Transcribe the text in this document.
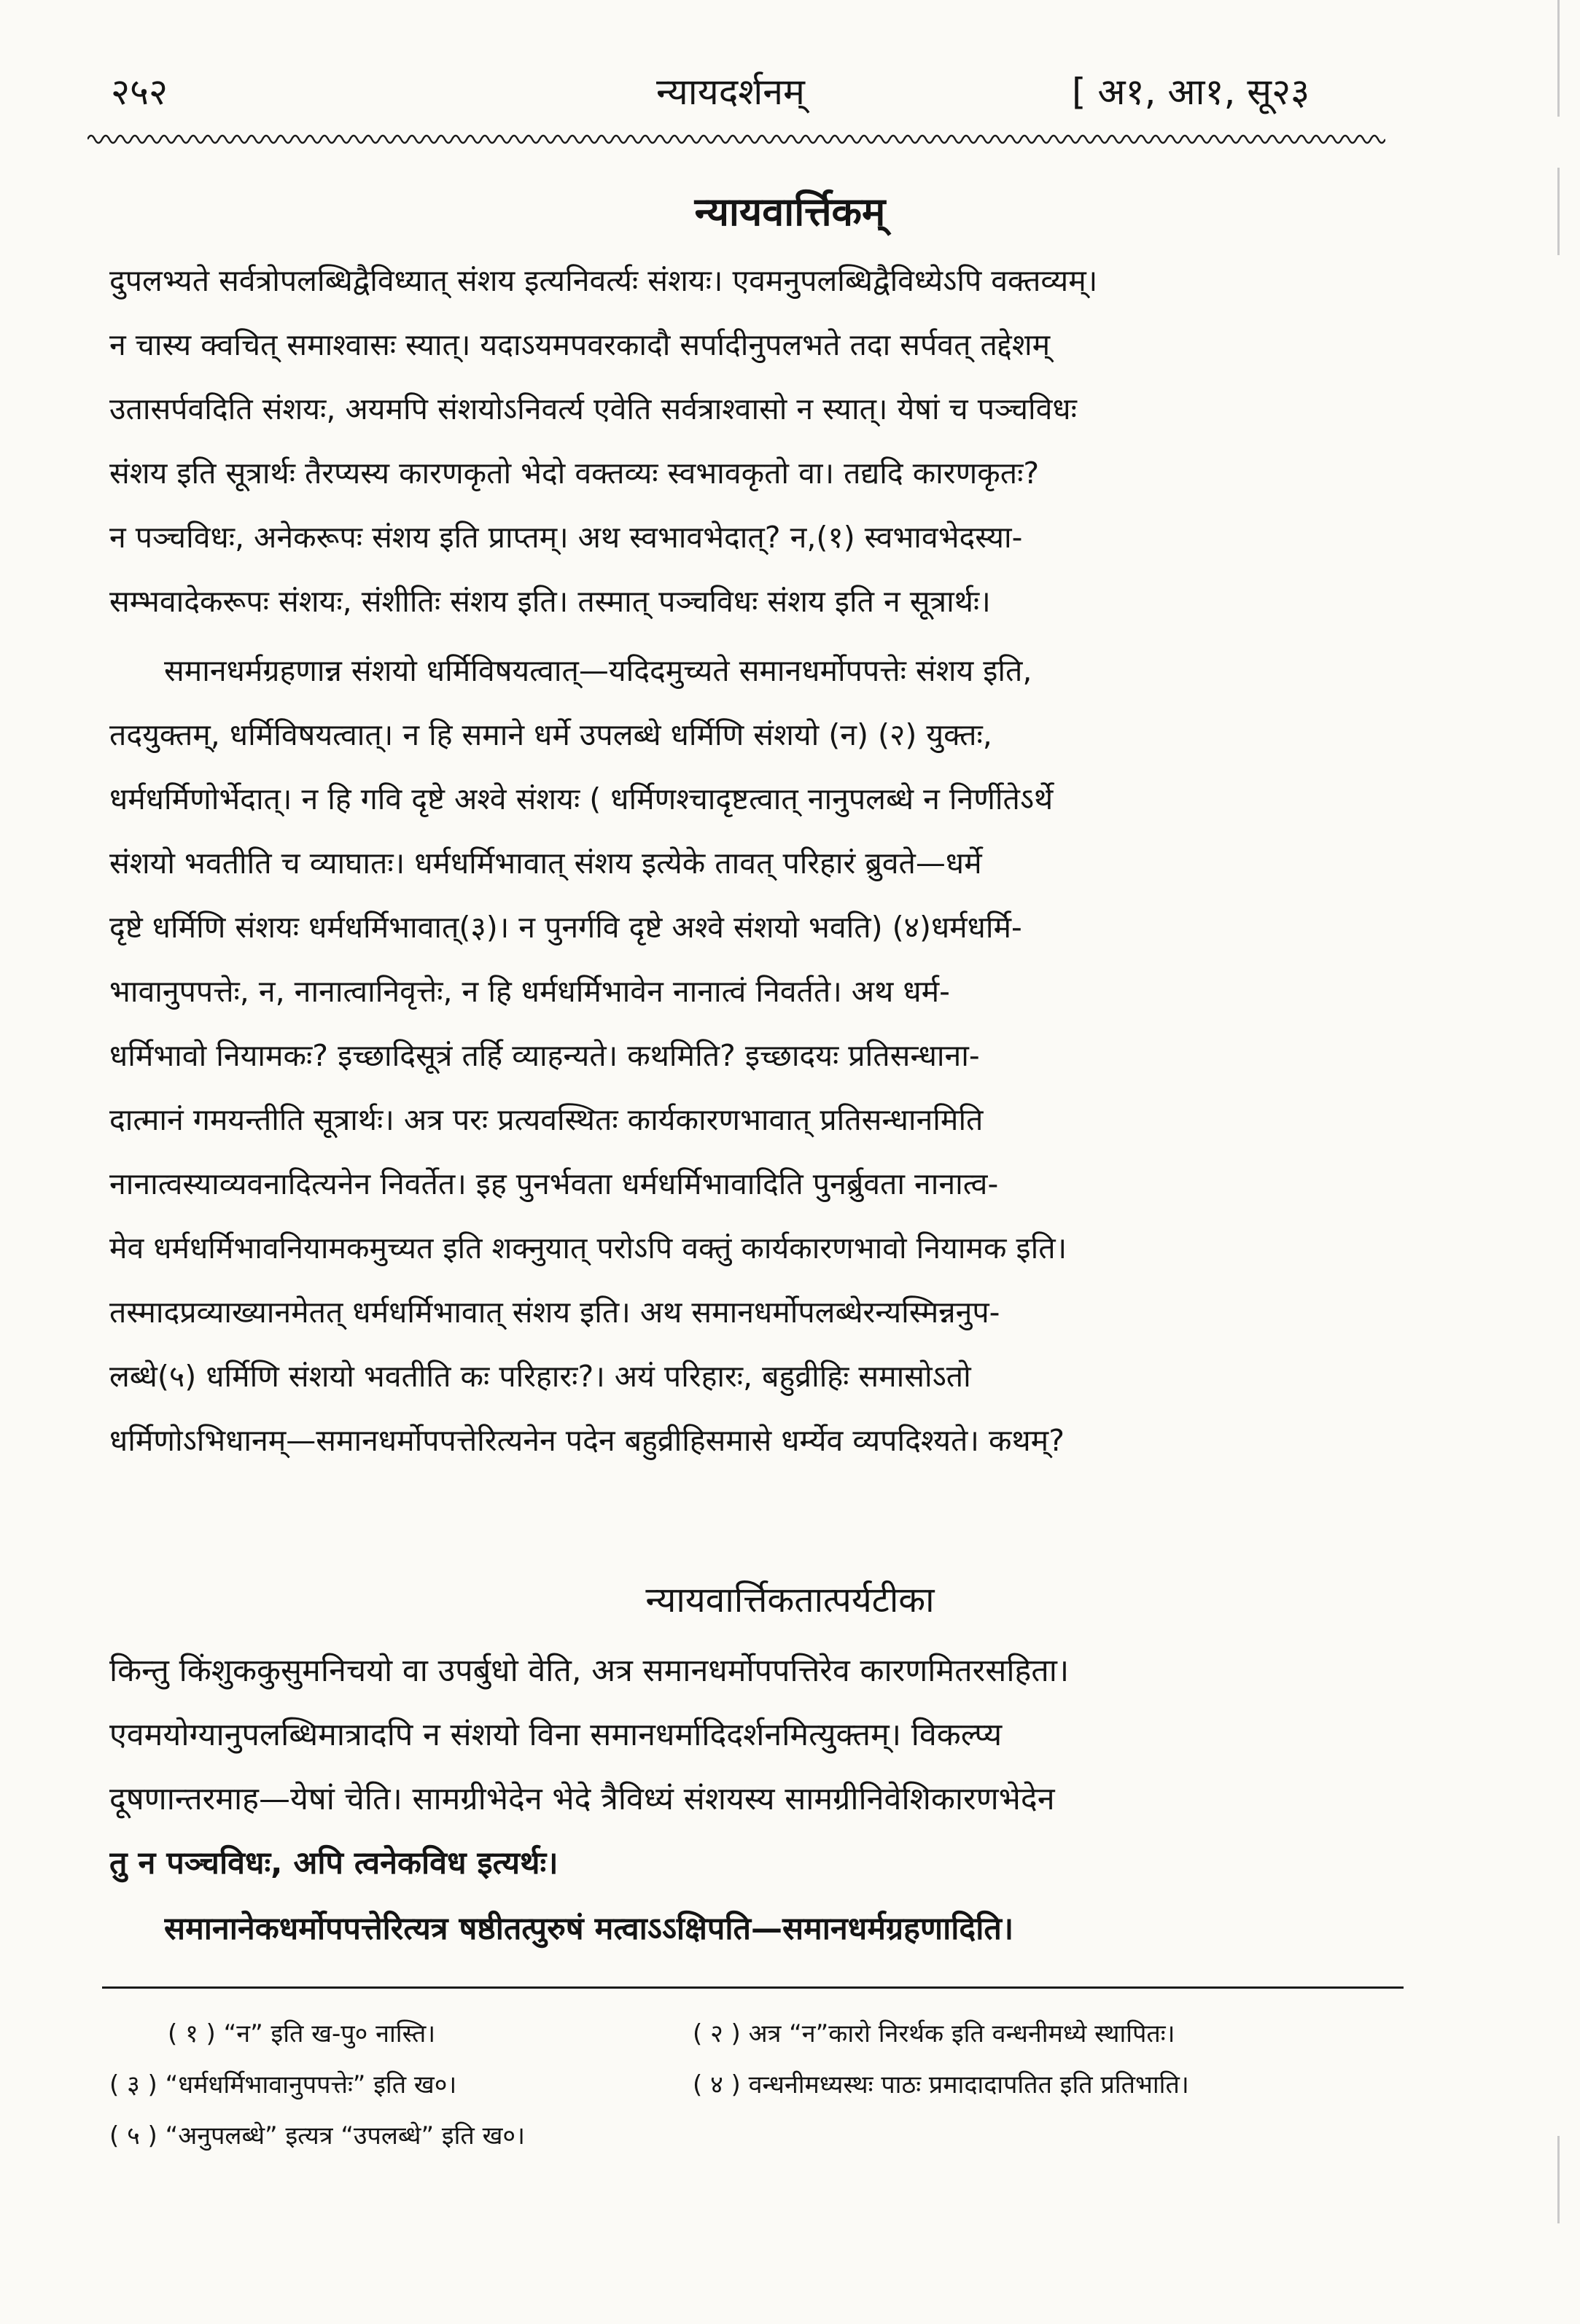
२५२	न्यायदर्शनम्	[ अ१, आ१, सू२३
न्यायवार्त्तिकम्
दुपलभ्यते सर्वत्रोपलब्धिद्वैविध्यात् संशय इत्यनिवर्त्यः संशयः। एवमनुपलब्धिद्वैविध्येऽपि वक्तव्यम्।
न चास्य क्वचित् समाश्वासः स्यात्। यदाऽयमपवरकादौ सर्पादीनुपलभते तदा सर्पवत् तद्देशम्
उतासर्पवदिति संशयः, अयमपि संशयोऽनिवर्त्य एवेति सर्वत्राश्वासो न स्यात्। येषां च पञ्चविधः
संशय इति सूत्रार्थः तैरप्यस्य कारणकृतो भेदो वक्तव्यः स्वभावकृतो वा। तद्यदि कारणकृतः?
न पञ्चविधः, अनेकरूपः संशय इति प्राप्तम्। अथ स्वभावभेदात्? न,(१) स्वभावभेदस्या-
सम्भवादेकरूपः संशयः, संशीतिः संशय इति। तस्मात् पञ्चविधः संशय इति न सूत्रार्थः।
समानधर्मग्रहणान्न संशयो धर्मिविषयत्वात्—यदिदमुच्यते समानधर्मोपपत्तेः संशय इति,
तदयुक्तम्, धर्मिविषयत्वात्। न हि समाने धर्मे उपलब्धे धर्मिणि संशयो (न) (२) युक्तः,
धर्मधर्मिणोर्भेदात्। न हि गवि दृष्टे अश्वे संशयः ( धर्मिणश्चादृष्टत्वात् नानुपलब्धे न निर्णीतेऽर्थे
संशयो भवतीति च व्याघातः। धर्मधर्मिभावात् संशय इत्येके तावत् परिहारं ब्रुवते—धर्मे
दृष्टे धर्मिणि संशयः धर्मधर्मिभावात्(३)। न पुनर्गवि दृष्टे अश्वे संशयो भवति) (४)धर्मधर्मि-
भावानुपपत्तेः, न, नानात्वानिवृत्तेः, न हि धर्मधर्मिभावेन नानात्वं निवर्तते। अथ धर्म-
धर्मिभावो नियामकः? इच्छादिसूत्रं तर्हि व्याहन्यते। कथमिति? इच्छादयः प्रतिसन्धाना-
दात्मानं गमयन्तीति सूत्रार्थः। अत्र परः प्रत्यवस्थितः कार्यकारणभावात् प्रतिसन्धानमिति
नानात्वस्याव्यवनादित्यनेन निवर्तेत। इह पुनर्भवता धर्मधर्मिभावादिति पुनर्ब्रुवता नानात्व-
मेव धर्मधर्मिभावनियामकमुच्यत इति शक्नुयात् परोऽपि वक्तुं कार्यकारणभावो नियामक इति।
तस्मादप्रव्याख्यानमेतत् धर्मधर्मिभावात् संशय इति। अथ समानधर्मोपलब्धेरन्यस्मिन्ननुप-
लब्धे(५) धर्मिणि संशयो भवतीति कः परिहारः?। अयं परिहारः, बहुव्रीहिः समासोऽतो
धर्मिणोऽभिधानम्—समानधर्मोपपत्तेरित्यनेन पदेन बहुव्रीहिसमासे धर्म्येव व्यपदिश्यते। कथम्?
न्यायवार्त्तिकतात्पर्यटीका
किन्तु किंशुककुसुमनिचयो वा उपर्बुधो वेति, अत्र समानधर्मोपपत्तिरेव कारणमितरसहिता।
एवमयोग्यानुपलब्धिमात्रादपि न संशयो विना समानधर्मादिदर्शनमित्युक्तम्। विकल्प्य
दूषणान्तरमाह—येषां चेति। सामग्रीभेदेन भेदे त्रैविध्यं संशयस्य सामग्रीनिवेशिकारणभेदेन
तु न पञ्चविधः, अपि त्वनेकविध इत्यर्थः।
समानानेकधर्मोपपत्तेरित्यत्र षष्ठीतत्पुरुषं मत्वाऽऽक्षिपति—समानधर्मग्रहणादिति।
( १ ) “न” इति ख-पु० नास्ति।	( २ ) अत्र “न”कारो निरर्थक इति वन्धनीमध्ये स्थापितः।
( ३ ) “धर्मधर्मिभावानुपपत्तेः” इति ख०।	( ४ ) वन्धनीमध्यस्थः पाठः प्रमादादापतित इति प्रतिभाति।
( ५ ) “अनुपलब्धे” इत्यत्र “उपलब्धे” इति ख०।
